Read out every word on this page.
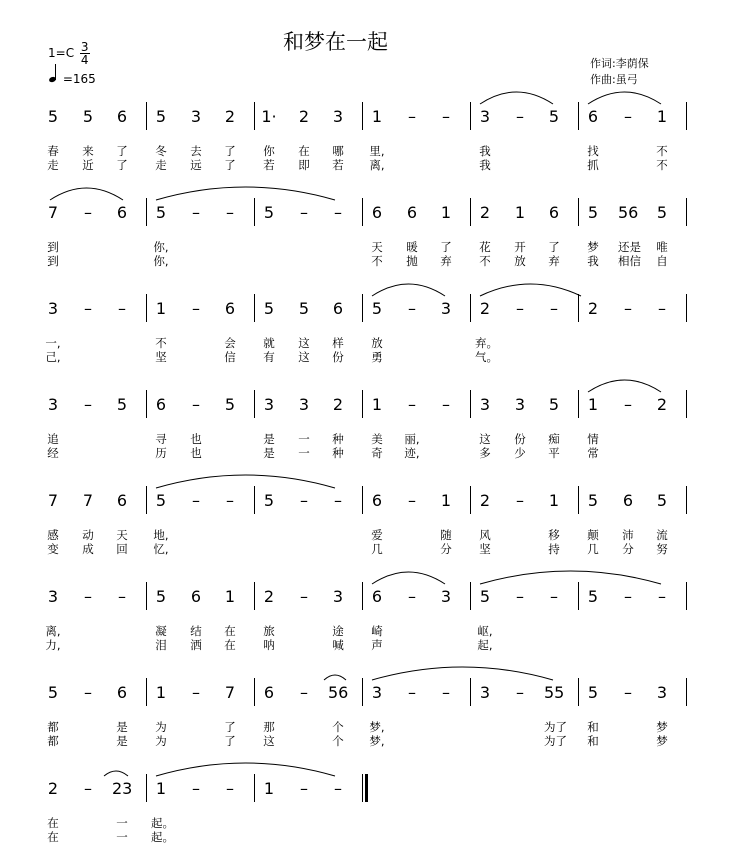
和梦在一起
作词:李荫保
作曲:虽弓
$1=C \frac{3}{4}$
=165
5	5	6
春	来	了
走	近	了
5	3	2
冬	去	了
走	远	了
1·	2	3
你	在	哪
若	即	若
1	–	–
里,
离,
3	–	5
我
我
6	–	1
找	不
抓	不
7	–	6
到
到
5	–	–
你,
你,
5	–	–	6	6	1
天	暖	了
不	抛	弃
2	1	6
花	开	了
不	放	弃
5	56	5
梦	还是	唯
我	相信	自
3	–	–
一,
己,
1	–	6
不	会
坚	信
5	5	6
就	这	样
有	这	份
5	–	3
放
勇
2	–	–
弃。
气。
2	–	–
3	–	5
追
经
6	–	5
寻	也
历	也
3	3	2
是	一	种
是	一	种
1	–	–
美	丽,
奇	迹,
3	3	5
这	份	痴
多	少	平
1	–	2
情
常
7	7	6
感	动	天
变	成	回
5	–	–
地,
忆,
5	–	–	6	–	1
爱	随
几	分
2	–	1
风	移
坚	持
5	6	5
颠	沛	流
几	分	努
3	–	–
离,
力,
5	6	1
凝	结	在
泪	洒	在
2	–	3
旅	途
呐	喊
6	–	3
崎
声
5	–	–
岖,
起,
5	–	–
5	–	6
都	是
都	是
1	–	7
为	了
为	了
6	–	56
那	个
这	个
3	–	–
梦,
梦,
3	–	55
为了
为了
5	–	3
和	梦
和	梦
2	–	23
在	一
在	一
1	–	–
起。
起。
1	–	–
